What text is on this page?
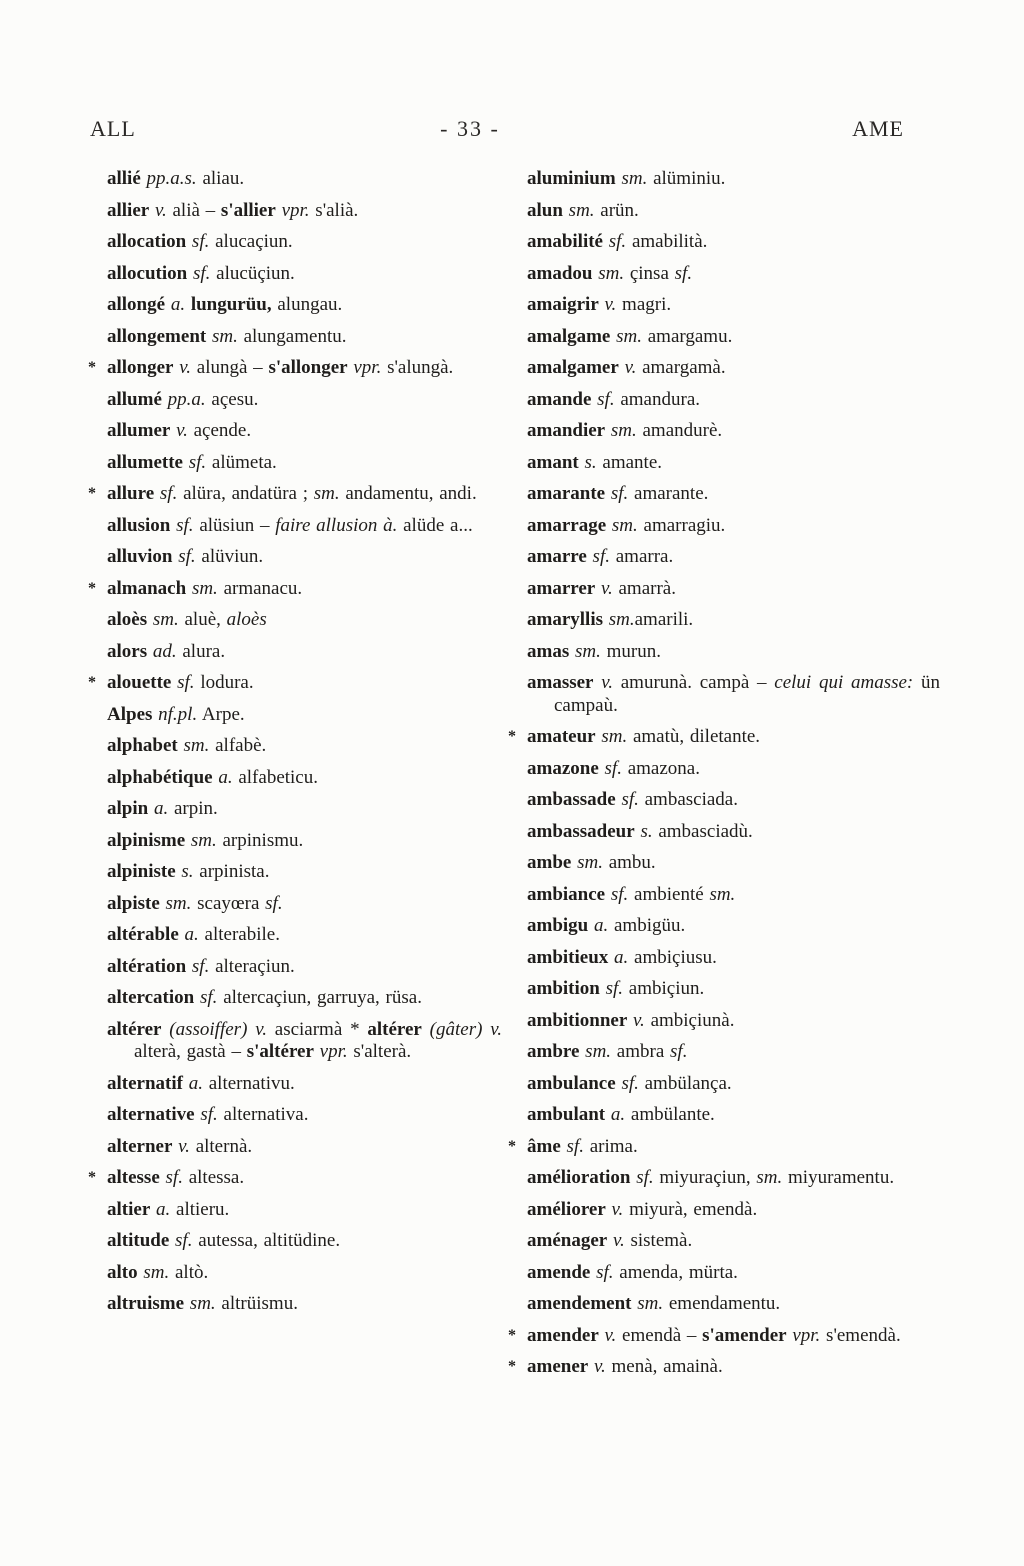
ALL	- 33 -	AME

allié pp.a.s. aliau.

allier v. alià – s'allier vpr. s'alià.

allocation sf. alucaçiun.

allocution sf. alucüçiun.

allongé a. lungurüu, alungau.

allongement sm. alungamentu.

* allonger v. alungà – s'allonger vpr. s'alungà.

allumé pp.a. açesu.

allumer v. açende.

allumette sf. alümeta.

* allure sf. alüra, andatüra ; sm. andamentu, andi.

allusion sf. alüsiun – faire allusion à. alüde a...

alluvion sf. alüviun.

* almanach sm. armanacu.

aloès sm. aluè, aloès

alors ad. alura.

* alouette sf. lodura.

Alpes nf.pl. Arpe.

alphabet sm. alfabè.

alphabétique a. alfabeticu.

alpin a. arpin.

alpinisme sm. arpinismu.

alpiniste s. arpinista.

alpiste sm. scayœra sf.

altérable a. alterabile.

altération sf. alteraçiun.

altercation sf. altercaçiun, garruya, rüsa.

altérer (assoiffer) v. asciarmà * altérer (gâter) v. alterà, gastà – s'altérer vpr. s'alterà.

alternatif a. alternativu.

alternative sf. alternativa.

alterner v. alternà.

* altesse sf. altessa.

altier a. altieru.

altitude sf. autessa, altitüdine.

alto sm. altò.

altruisme sm. altrüismu.

aluminium sm. alüminiu.

alun sm. arün.

amabilité sf. amabilità.

amadou sm. çinsa sf.

amaigrir v. magri.

amalgame sm. amargamu.

amalgamer v. amargamà.

amande sf. amandura.

amandier sm. amandurè.

amant s. amante.

amarante sf. amarante.

amarrage sm. amarragiu.

amarre sf. amarra.

amarrer v. amarrà.

amaryllis sm.amarili.

amas sm. murun.

amasser v. amurunà. campà – celui qui amasse: ün campaù.

* amateur sm. amatù, diletante.

amazone sf. amazona.

ambassade sf. ambasciada.

ambassadeur s. ambasciadù.

ambe sm. ambu.

ambiance sf. ambienté sm.

ambigu a. ambigüu.

ambitieux a. ambiçiusu.

ambition sf. ambiçiun.

ambitionner v. ambiçiunà.

ambre sm. ambra sf.

ambulance sf. ambülança.

ambulant a. ambülante.

* âme sf. arima.

amélioration sf. miyuraçiun, sm. miyuramentu.

améliorer v. miyurà, emendà.

aménager v. sistemà.

amende sf. amenda, mürta.

amendement sm. emendamentu.

* amender v. emendà – s'amender vpr. s'emendà.

* amener v. menà, amainà.
